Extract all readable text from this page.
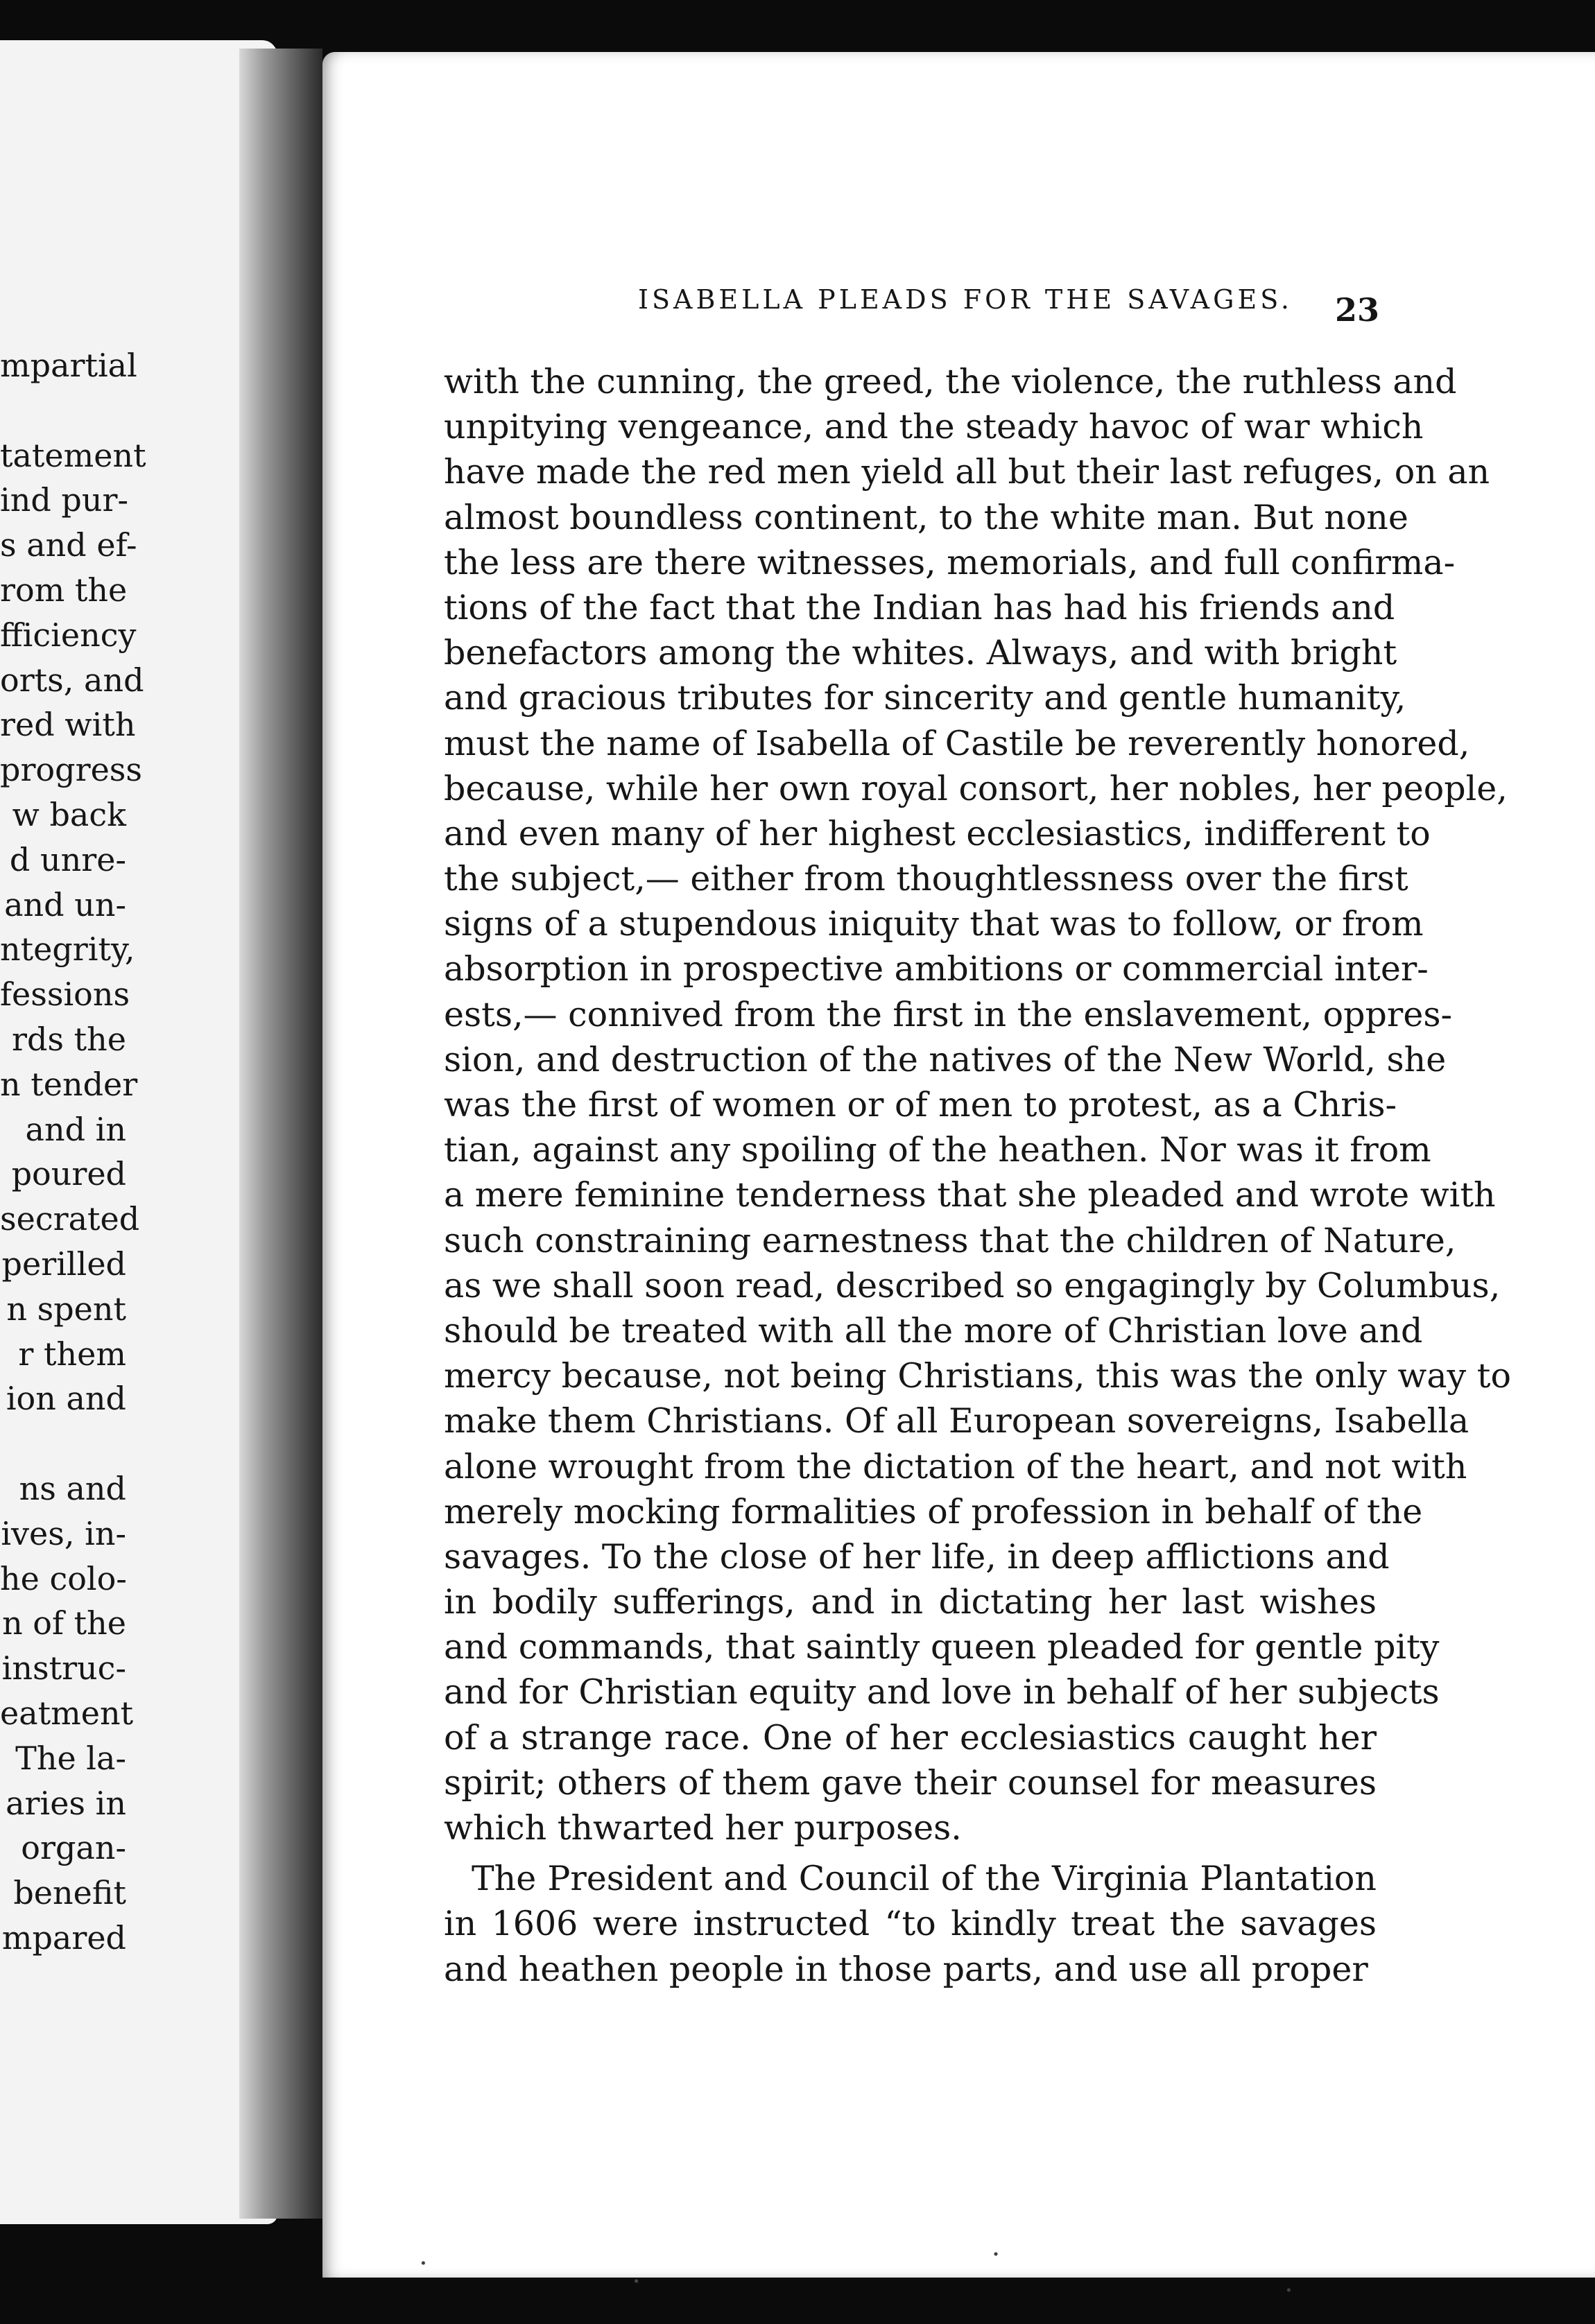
mpartial
tatement
ind pur-
s and ef-
rom the
fficiency
orts, and
red with
progress
w back
d unre-
and un-
ntegrity,
fessions
rds the
n tender
and in
poured
secrated
perilled
n spent
r them
ion and
ns and
ives, in-
he colo-
n of the
instruc-
eatment
The la-
aries in
organ-
benefit
mpared
ISABELLA PLEADS FOR THE SAVAGES. 23
with the cunning, the greed, the violence, the ruthless and
unpitying vengeance, and the steady havoc of war which
have made the red men yield all but their last refuges, on an
almost boundless continent, to the white man. But none
the less are there witnesses, memorials, and full confirma-
tions of the fact that the Indian has had his friends and
benefactors among the whites. Always, and with bright
and gracious tributes for sincerity and gentle humanity,
must the name of Isabella of Castile be reverently honored,
because, while her own royal consort, her nobles, her people,
and even many of her highest ecclesiastics, indifferent to
the subject,— either from thoughtlessness over the first
signs of a stupendous iniquity that was to follow, or from
absorption in prospective ambitions or commercial inter-
ests,— connived from the first in the enslavement, oppres-
sion, and destruction of the natives of the New World, she
was the first of women or of men to protest, as a Chris-
tian, against any spoiling of the heathen. Nor was it from
a mere feminine tenderness that she pleaded and wrote with
such constraining earnestness that the children of Nature,
as we shall soon read, described so engagingly by Columbus,
should be treated with all the more of Christian love and
mercy because, not being Christians, this was the only way to
make them Christians. Of all European sovereigns, Isabella
alone wrought from the dictation of the heart, and not with
merely mocking formalities of profession in behalf of the
savages. To the close of her life, in deep afflictions and
in bodily sufferings, and in dictating her last wishes
and commands, that saintly queen pleaded for gentle pity
and for Christian equity and love in behalf of her subjects
of a strange race. One of her ecclesiastics caught her
spirit; others of them gave their counsel for measures
which thwarted her purposes.
The President and Council of the Virginia Plantation
in 1606 were instructed “to kindly treat the savages
and heathen people in those parts, and use all proper
